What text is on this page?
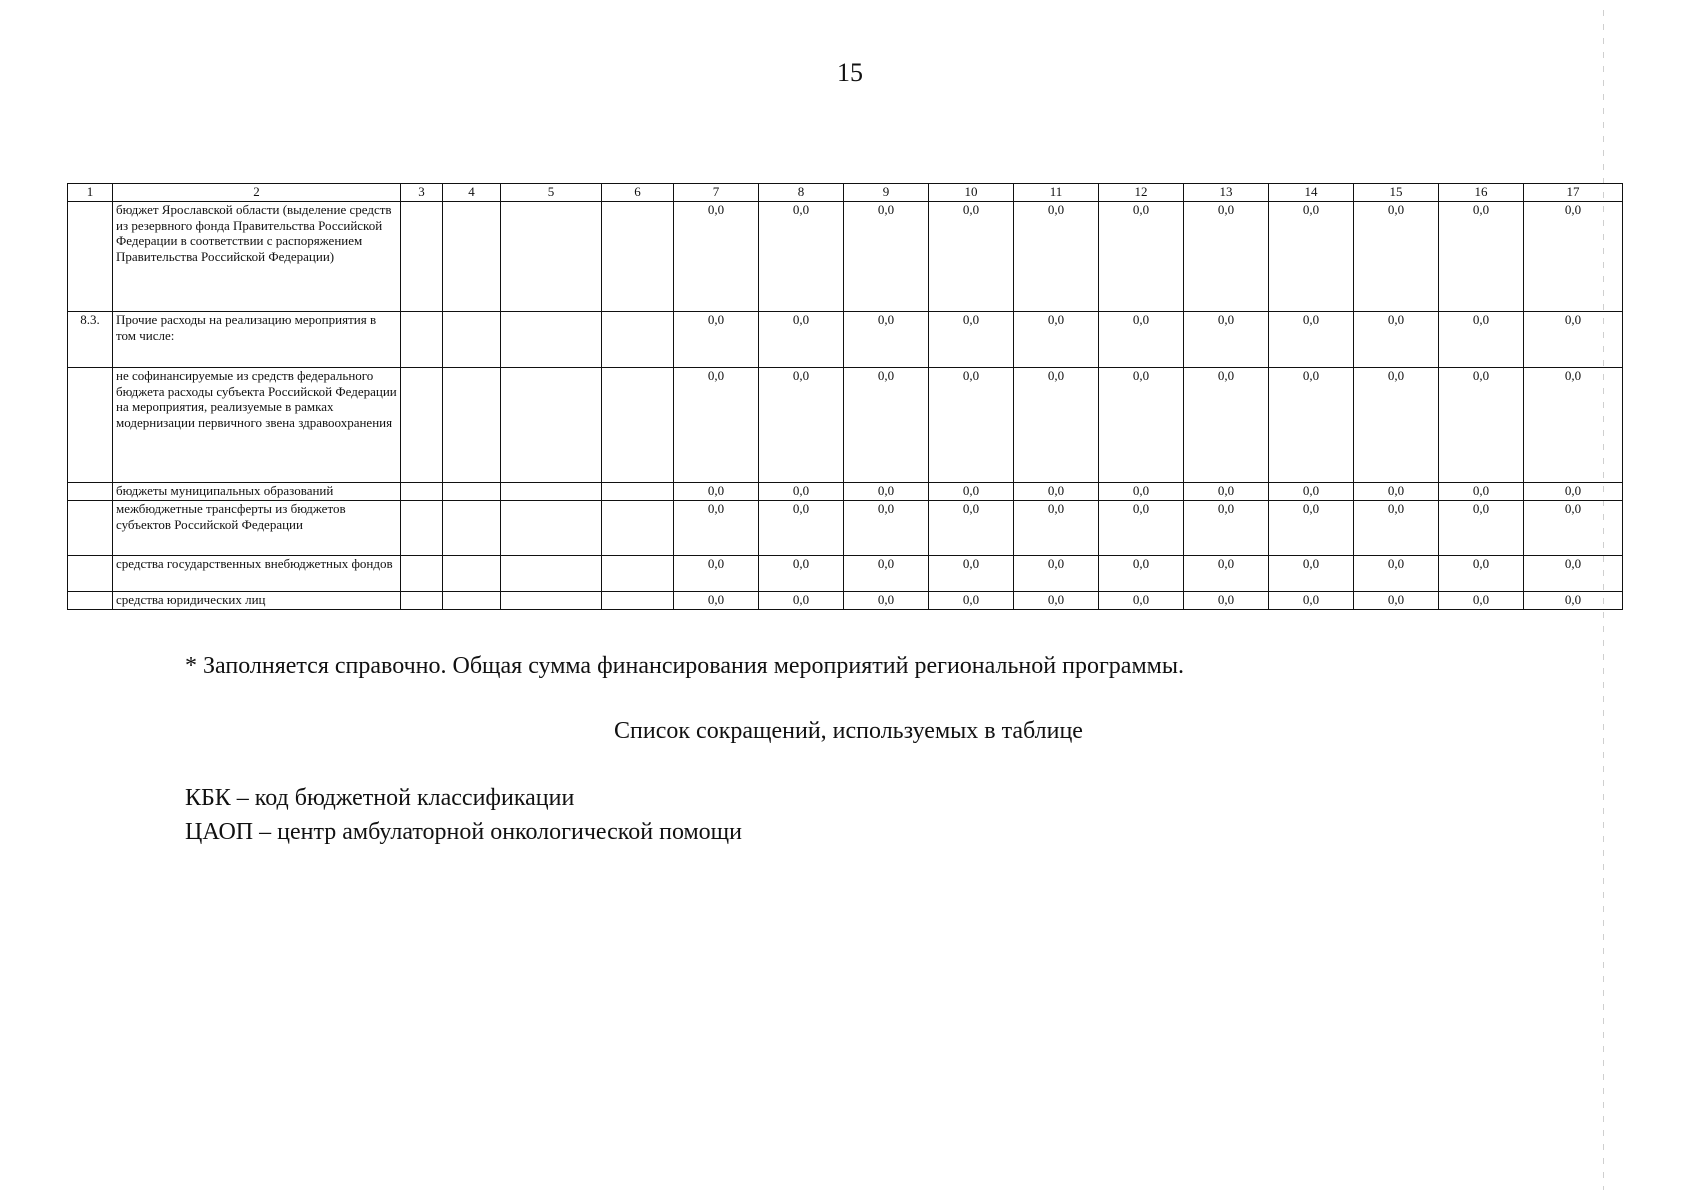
15
1	2	3	4	5	6	7	8	9	10	11	12	13	14	15	16	17
	бюджет Ярославской области (выделение средств из резервного фонда Правительства Российской Федерации в соответствии с распоряжением Правительства Российской Федерации)					0,0	0,0	0,0	0,0	0,0	0,0	0,0	0,0	0,0	0,0	0,0
8.3.	Прочие расходы на реализацию мероприятия в том числе:					0,0	0,0	0,0	0,0	0,0	0,0	0,0	0,0	0,0	0,0	0,0
	не софинансируемые из средств федерального бюджета расходы субъекта Российской Федерации на мероприятия, реализуемые в рамках модернизации первичного звена здравоохранения					0,0	0,0	0,0	0,0	0,0	0,0	0,0	0,0	0,0	0,0	0,0
	бюджеты муниципальных образований					0,0	0,0	0,0	0,0	0,0	0,0	0,0	0,0	0,0	0,0	0,0
	межбюджетные трансферты из бюджетов субъектов Российской Федерации					0,0	0,0	0,0	0,0	0,0	0,0	0,0	0,0	0,0	0,0	0,0
	средства государственных внебюджетных фондов					0,0	0,0	0,0	0,0	0,0	0,0	0,0	0,0	0,0	0,0	0,0
	средства юридических лиц					0,0	0,0	0,0	0,0	0,0	0,0	0,0	0,0	0,0	0,0	0,0
* Заполняется справочно. Общая сумма финансирования мероприятий региональной программы.
Список сокращений, используемых в таблице
КБК – код бюджетной классификации
ЦАОП – центр амбулаторной онкологической помощи
